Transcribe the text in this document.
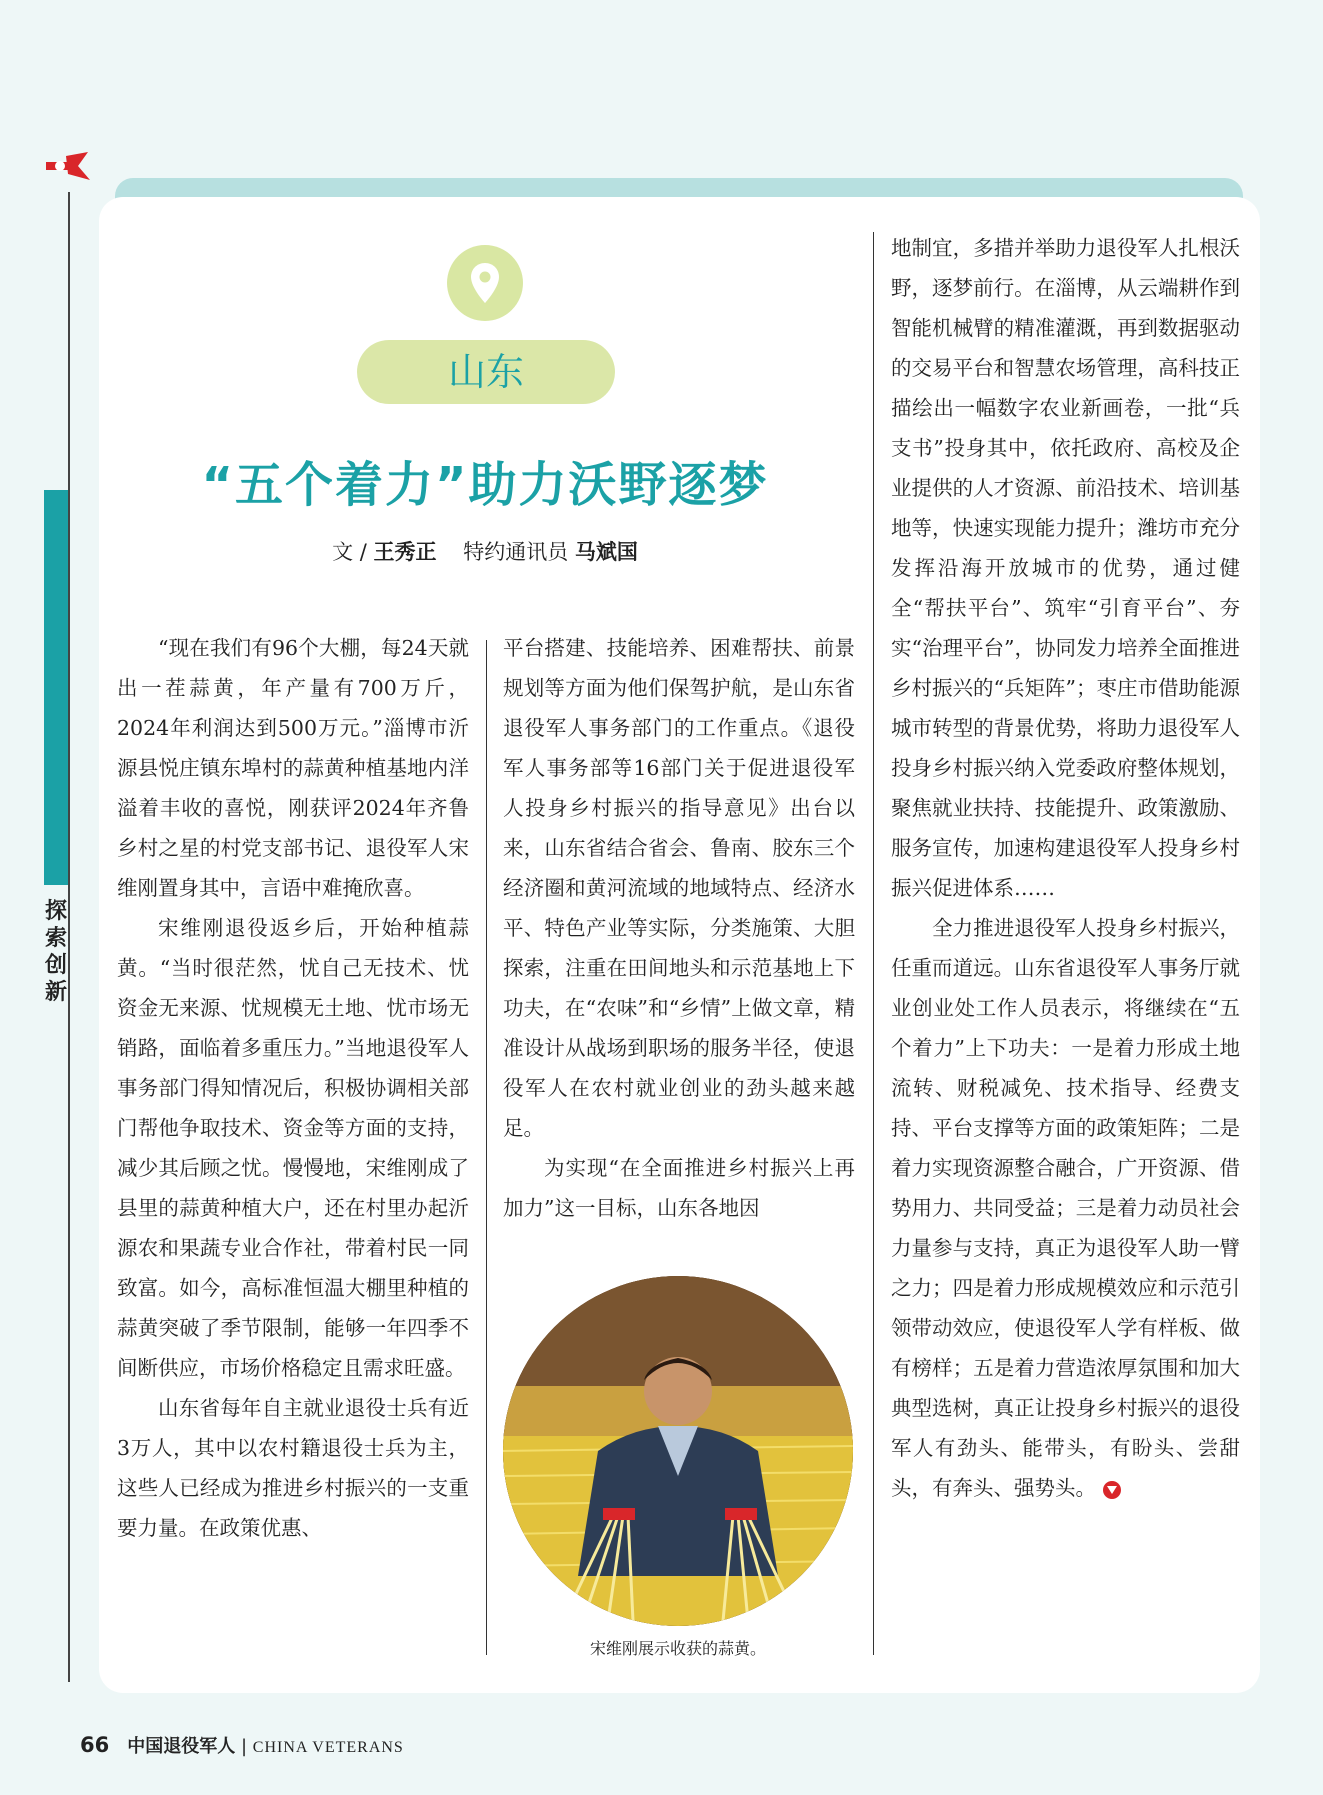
探索创新
山东
“五个着力”助力沃野逐梦
文 / 王秀正 特约通讯员 马斌国

“现在我们有96个大棚，每24天就出一茬蒜黄，年产量有700万斤，2024年利润达到500万元。”淄博市沂源县悦庄镇东埠村的蒜黄种植基地内洋溢着丰收的喜悦，刚获评2024年齐鲁乡村之星的村党支部书记、退役军人宋维刚置身其中，言语中难掩欣喜。

宋维刚退役返乡后，开始种植蒜黄。“当时很茫然，忧自己无技术、忧资金无来源、忧规模无土地、忧市场无销路，面临着多重压力。”当地退役军人事务部门得知情况后，积极协调相关部门帮他争取技术、资金等方面的支持，减少其后顾之忧。慢慢地，宋维刚成了县里的蒜黄种植大户，还在村里办起沂源农和果蔬专业合作社，带着村民一同致富。如今，高标准恒温大棚里种植的蒜黄突破了季节限制，能够一年四季不间断供应，市场价格稳定且需求旺盛。

山东省每年自主就业退役士兵有近3万人，其中以农村籍退役士兵为主，这些人已经成为推进乡村振兴的一支重要力量。在政策优惠、

平台搭建、技能培养、困难帮扶、前景规划等方面为他们保驾护航，是山东省退役军人事务部门的工作重点。《退役军人事务部等16部门关于促进退役军人投身乡村振兴的指导意见》出台以来，山东省结合省会、鲁南、胶东三个经济圈和黄河流域的地域特点、经济水平、特色产业等实际，分类施策、大胆探索，注重在田间地头和示范基地上下功夫，在“农味”和“乡情”上做文章，精准设计从战场到职场的服务半径，使退役军人在农村就业创业的劲头越来越足。

为实现“在全面推进乡村振兴上再加力”这一目标，山东各地因

宋维刚展示收获的蒜黄。

地制宜，多措并举助力退役军人扎根沃野，逐梦前行。在淄博，从云端耕作到智能机械臂的精准灌溉，再到数据驱动的交易平台和智慧农场管理，高科技正描绘出一幅数字农业新画卷，一批“兵支书”投身其中，依托政府、高校及企业提供的人才资源、前沿技术、培训基地等，快速实现能力提升；潍坊市充分发挥沿海开放城市的优势，通过健全“帮扶平台”、筑牢“引育平台”、夯实“治理平台”，协同发力培养全面推进乡村振兴的“兵矩阵”；枣庄市借助能源城市转型的背景优势，将助力退役军人投身乡村振兴纳入党委政府整体规划，聚焦就业扶持、技能提升、政策激励、服务宣传，加速构建退役军人投身乡村振兴促进体系……

全力推进退役军人投身乡村振兴，任重而道远。山东省退役军人事务厅就业创业处工作人员表示，将继续在“五个着力”上下功夫：一是着力形成土地流转、财税减免、技术指导、经费支持、平台支撑等方面的政策矩阵；二是着力实现资源整合融合，广开资源、借势用力、共同受益；三是着力动员社会力量参与支持，真正为退役军人助一臂之力；四是着力形成规模效应和示范引领带动效应，使退役军人学有样板、做有榜样；五是着力营造浓厚氛围和加大典型选树，真正让投身乡村振兴的退役军人有劲头、能带头，有盼头、尝甜头，有奔头、强势头。

66 中国退役军人 | CHINA VETERANS
